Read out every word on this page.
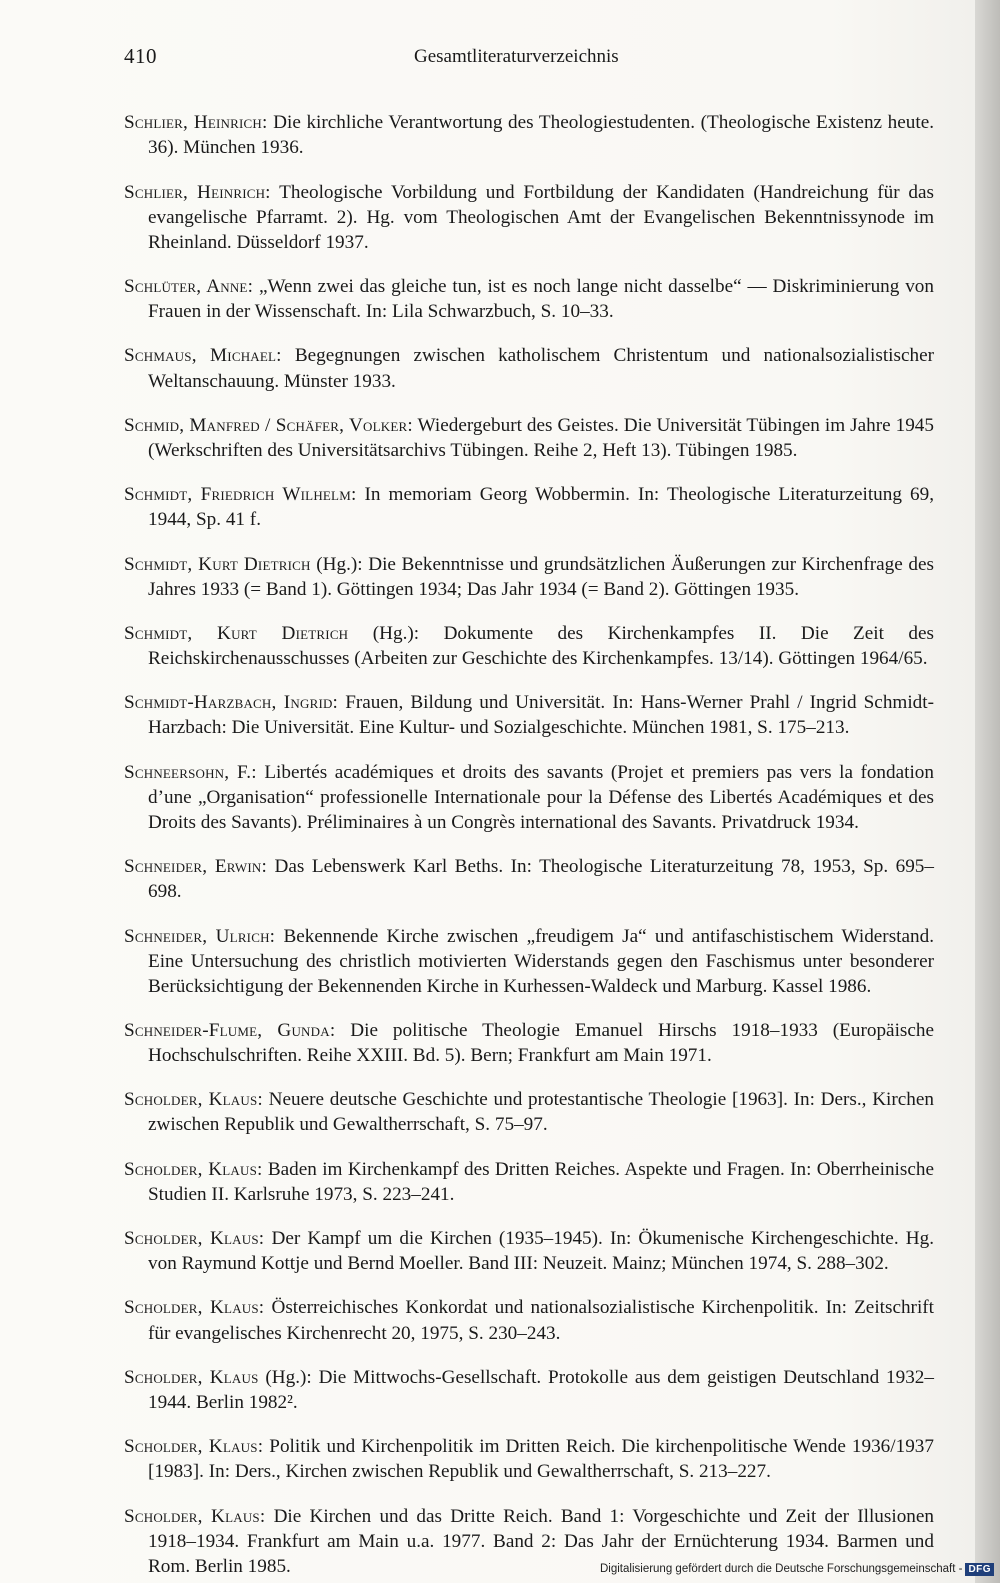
410	Gesamtliteraturverzeichnis

Schlier, Heinrich: Die kirchliche Verantwortung des Theologiestudenten. (Theologische Existenz heute. 36). München 1936.

Schlier, Heinrich: Theologische Vorbildung und Fortbildung der Kandidaten (Handreichung für das evangelische Pfarramt. 2). Hg. vom Theologischen Amt der Evangelischen Bekenntnissynode im Rheinland. Düsseldorf 1937.

Schlüter, Anne: „Wenn zwei das gleiche tun, ist es noch lange nicht dasselbe“ — Diskriminierung von Frauen in der Wissenschaft. In: Lila Schwarzbuch, S. 10–33.

Schmaus, Michael: Begegnungen zwischen katholischem Christentum und nationalsozialistischer Weltanschauung. Münster 1933.

Schmid, Manfred / Schäfer, Volker: Wiedergeburt des Geistes. Die Universität Tübingen im Jahre 1945 (Werkschriften des Universitätsarchivs Tübingen. Reihe 2, Heft 13). Tübingen 1985.

Schmidt, Friedrich Wilhelm: In memoriam Georg Wobbermin. In: Theologische Literaturzeitung 69, 1944, Sp. 41 f.

Schmidt, Kurt Dietrich (Hg.): Die Bekenntnisse und grundsätzlichen Äußerungen zur Kirchenfrage des Jahres 1933 (= Band 1). Göttingen 1934; Das Jahr 1934 (= Band 2). Göttingen 1935.

Schmidt, Kurt Dietrich (Hg.): Dokumente des Kirchenkampfes II. Die Zeit des Reichskirchenausschusses (Arbeiten zur Geschichte des Kirchenkampfes. 13/14). Göttingen 1964/65.

Schmidt-Harzbach, Ingrid: Frauen, Bildung und Universität. In: Hans-Werner Prahl / Ingrid Schmidt-Harzbach: Die Universität. Eine Kultur- und Sozialgeschichte. München 1981, S. 175–213.

Schneersohn, F.: Libertés académiques et droits des savants (Projet et premiers pas vers la fondation d’une „Organisation“ professionelle Internationale pour la Défense des Libertés Académiques et des Droits des Savants). Préliminaires à un Congrès international des Savants. Privatdruck 1934.

Schneider, Erwin: Das Lebenswerk Karl Beths. In: Theologische Literaturzeitung 78, 1953, Sp. 695–698.

Schneider, Ulrich: Bekennende Kirche zwischen „freudigem Ja“ und antifaschistischem Widerstand. Eine Untersuchung des christlich motivierten Widerstands gegen den Faschismus unter besonderer Berücksichtigung der Bekennenden Kirche in Kurhessen-Waldeck und Marburg. Kassel 1986.

Schneider-Flume, Gunda: Die politische Theologie Emanuel Hirschs 1918–1933 (Europäische Hochschulschriften. Reihe XXIII. Bd. 5). Bern; Frankfurt am Main 1971.

Scholder, Klaus: Neuere deutsche Geschichte und protestantische Theologie [1963]. In: Ders., Kirchen zwischen Republik und Gewaltherrschaft, S. 75–97.

Scholder, Klaus: Baden im Kirchenkampf des Dritten Reiches. Aspekte und Fragen. In: Oberrheinische Studien II. Karlsruhe 1973, S. 223–241.

Scholder, Klaus: Der Kampf um die Kirchen (1935–1945). In: Ökumenische Kirchengeschichte. Hg. von Raymund Kottje und Bernd Moeller. Band III: Neuzeit. Mainz; München 1974, S. 288–302.

Scholder, Klaus: Österreichisches Konkordat und nationalsozialistische Kirchenpolitik. In: Zeitschrift für evangelisches Kirchenrecht 20, 1975, S. 230–243.

Scholder, Klaus (Hg.): Die Mittwochs-Gesellschaft. Protokolle aus dem geistigen Deutschland 1932–1944. Berlin 1982².

Scholder, Klaus: Politik und Kirchenpolitik im Dritten Reich. Die kirchenpolitische Wende 1936/1937 [1983]. In: Ders., Kirchen zwischen Republik und Gewaltherrschaft, S. 213–227.

Scholder, Klaus: Die Kirchen und das Dritte Reich. Band 1: Vorgeschichte und Zeit der Illusionen 1918–1934. Frankfurt am Main u.a. 1977. Band 2: Das Jahr der Ernüchterung 1934. Barmen und Rom. Berlin 1985.	Digitalisierung gefördert durch die Deutsche Forschungsgemeinschaft - DFG
